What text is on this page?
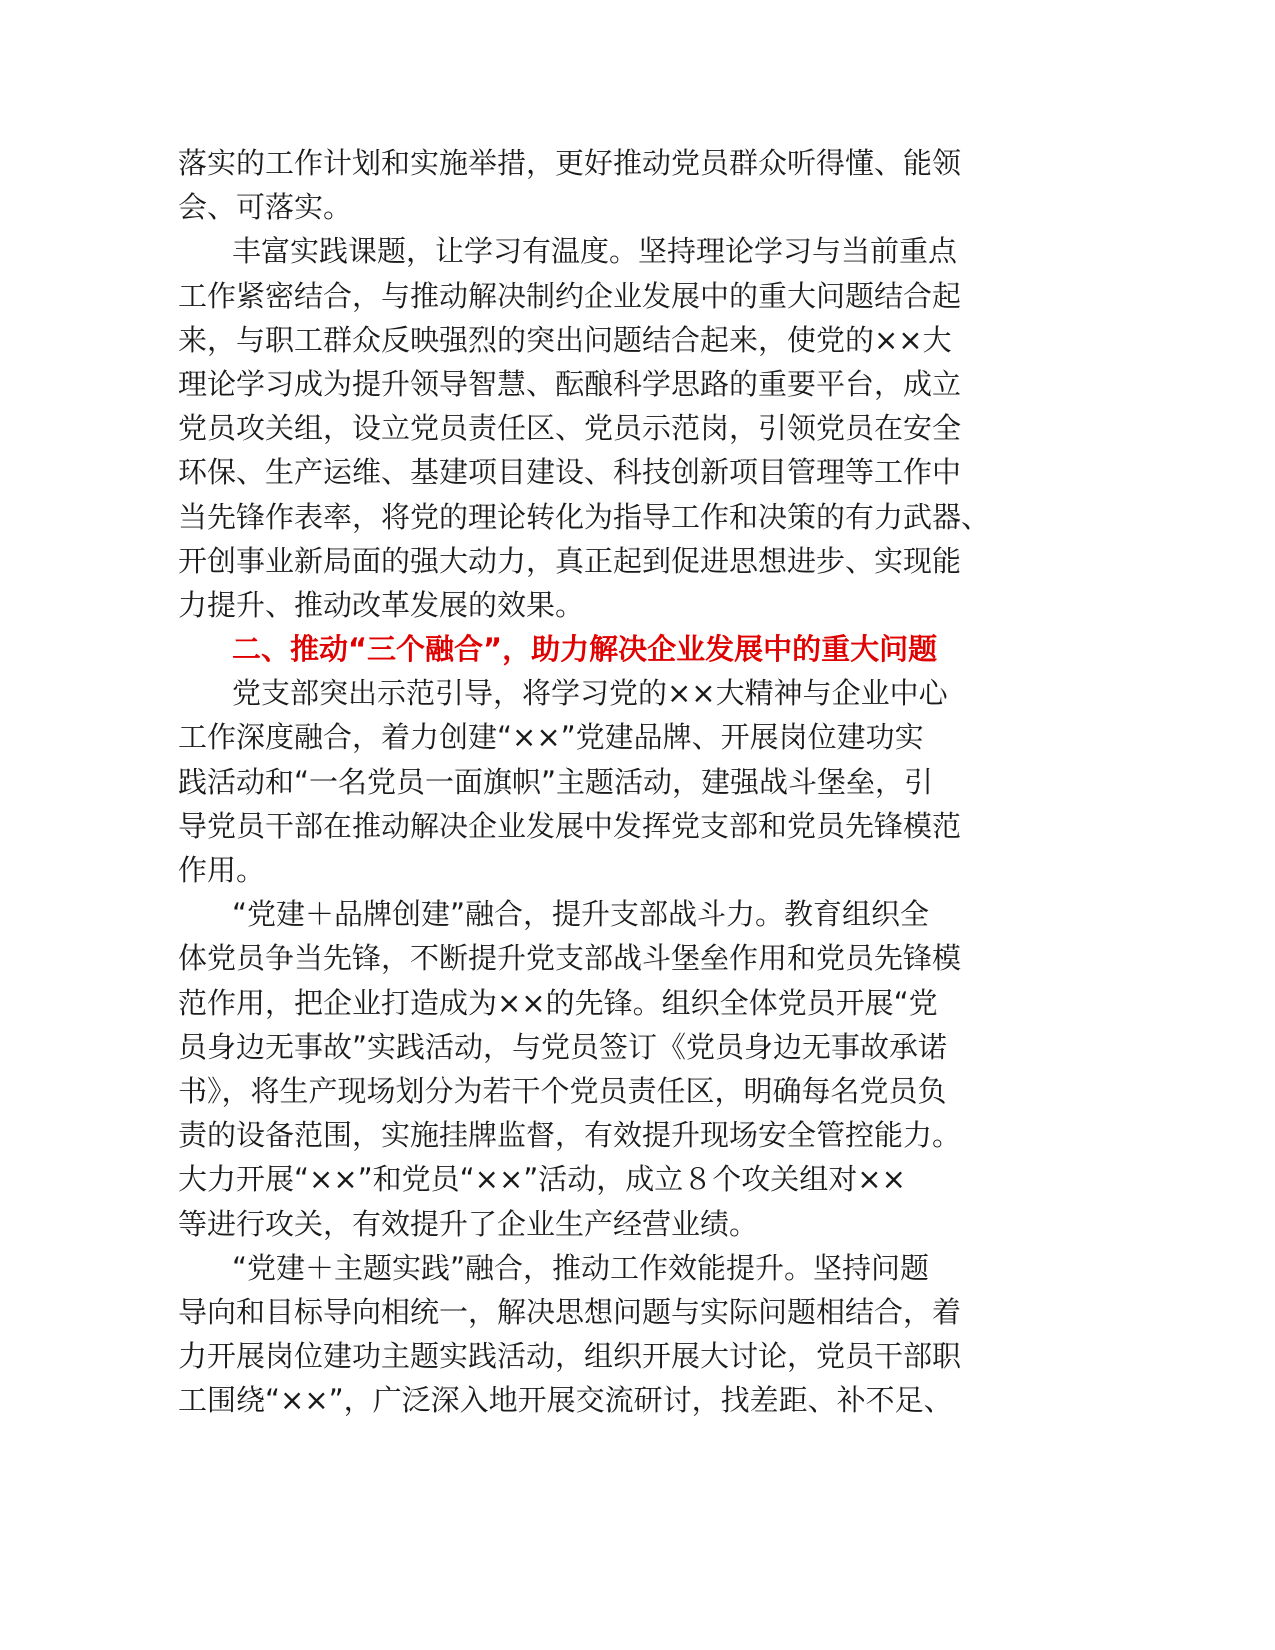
落实的工作计划和实施举措，更好推动党员群众听得懂、能领
会、可落实。
丰富实践课题，让学习有温度。坚持理论学习与当前重点
工作紧密结合，与推动解决制约企业发展中的重大问题结合起
来，与职工群众反映强烈的突出问题结合起来，使党的××大
理论学习成为提升领导智慧、酝酿科学思路的重要平台，成立
党员攻关组，设立党员责任区、党员示范岗，引领党员在安全
环保、生产运维、基建项目建设、科技创新项目管理等工作中
当先锋作表率，将党的理论转化为指导工作和决策的有力武器、
开创事业新局面的强大动力，真正起到促进思想进步、实现能
力提升、推动改革发展的效果。
二、推动“三个融合”，助力解决企业发展中的重大问题
党支部突出示范引导，将学习党的××大精神与企业中心
工作深度融合，着力创建“××”党建品牌、开展岗位建功实
践活动和“一名党员一面旗帜”主题活动，建强战斗堡垒，引
导党员干部在推动解决企业发展中发挥党支部和党员先锋模范
作用。
“党建＋品牌创建”融合，提升支部战斗力。教育组织全
体党员争当先锋，不断提升党支部战斗堡垒作用和党员先锋模
范作用，把企业打造成为××的先锋。组织全体党员开展“党
员身边无事故”实践活动，与党员签订《党员身边无事故承诺
书》，将生产现场划分为若干个党员责任区，明确每名党员负
责的设备范围，实施挂牌监督，有效提升现场安全管控能力。
大力开展“××”和党员“××”活动，成立８个攻关组对××
等进行攻关，有效提升了企业生产经营业绩。
“党建＋主题实践”融合，推动工作效能提升。坚持问题
导向和目标导向相统一，解决思想问题与实际问题相结合，着
力开展岗位建功主题实践活动，组织开展大讨论，党员干部职
工围绕“××”，广泛深入地开展交流研讨，找差距、补不足、
